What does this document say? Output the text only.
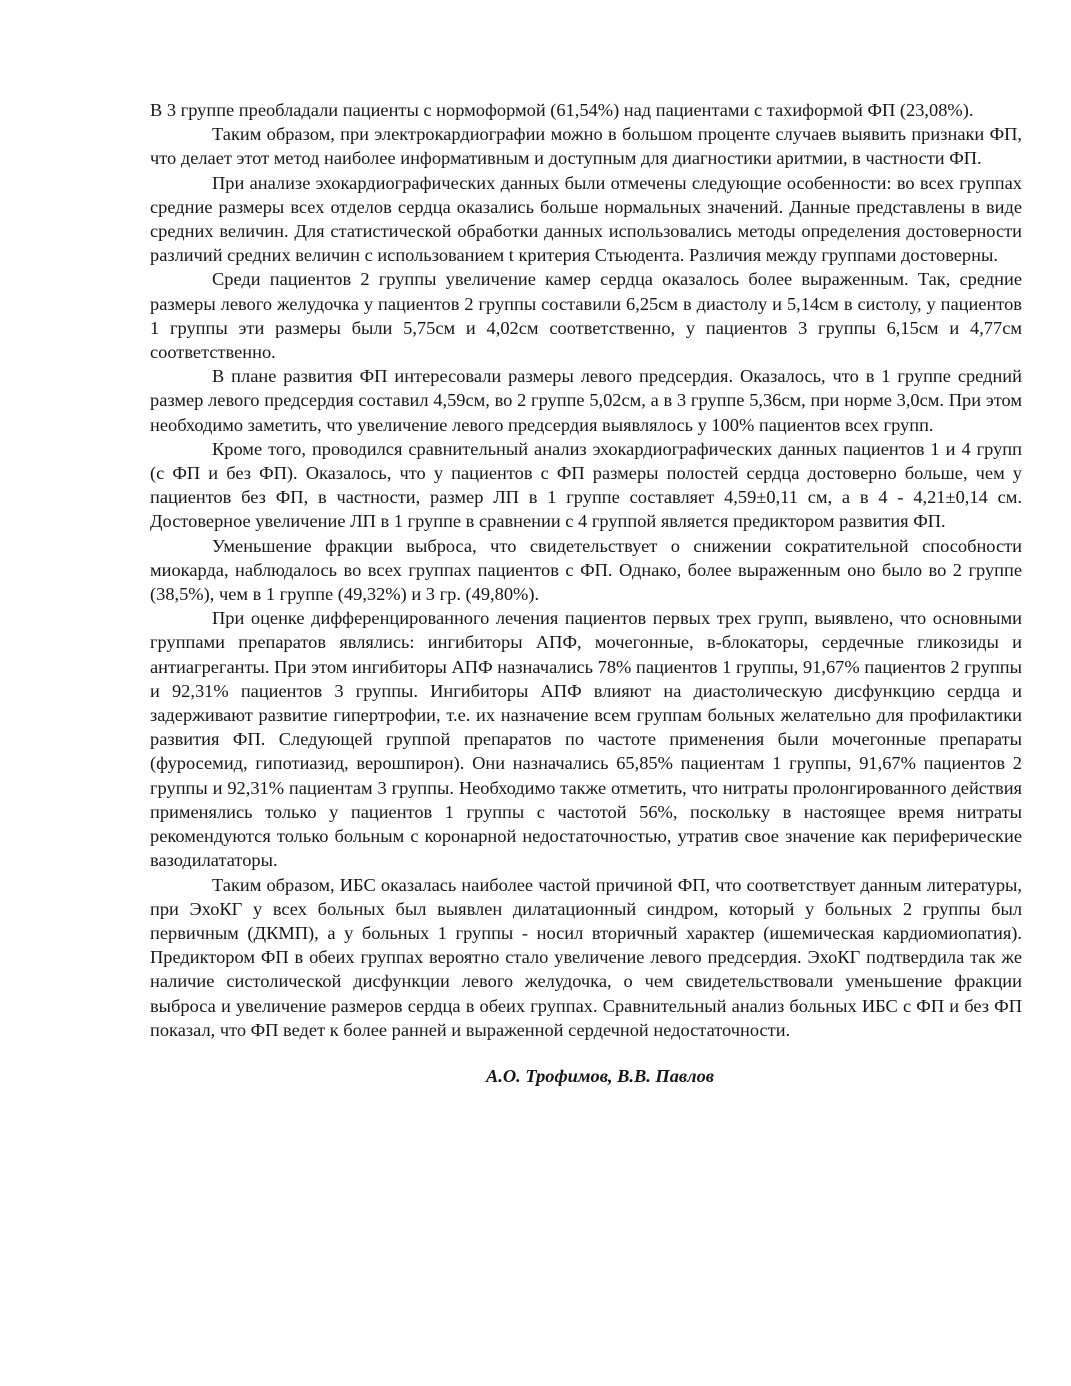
В 3 группе преобладали пациенты с нормоформой (61,54%) над пациентами с тахиформой ФП (23,08%).

Таким образом, при электрокардиографии можно в большом проценте случаев выявить признаки ФП, что делает этот метод наиболее информативным и доступным для диагностики аритмии, в частности ФП.

При анализе эхокардиографических данных были отмечены следующие особенности: во всех группах средние размеры всех отделов сердца оказались больше нормальных значений. Данные представлены в виде средних величин. Для статистической обработки данных использовались методы определения достоверности различий средних величин с использованием t критерия Стьюдента. Различия между группами достоверны.

Среди пациентов 2 группы увеличение камер сердца оказалось более выраженным. Так, средние размеры левого желудочка у пациентов 2 группы составили 6,25см в диастолу и 5,14см в систолу, у пациентов 1 группы эти размеры были 5,75см и 4,02см соответственно, у пациентов 3 группы 6,15см и 4,77см соответственно.

В плане развития ФП интересовали размеры левого предсердия. Оказалось, что в 1 группе средний размер левого предсердия составил 4,59см, во 2 группе 5,02см, а в 3 группе 5,36см, при норме 3,0см. При этом необходимо заметить, что увеличение левого предсердия выявлялось у 100% пациентов всех групп.

Кроме того, проводился сравнительный анализ эхокардиографических данных пациентов 1 и 4 групп (с ФП и без ФП). Оказалось, что у пациентов с ФП размеры полостей сердца достоверно больше, чем у пациентов без ФП, в частности, размер ЛП в 1 группе составляет 4,59±0,11 см, а в 4 - 4,21±0,14 см. Достоверное увеличение ЛП в 1 группе в сравнении с 4 группой является предиктором развития ФП.

Уменьшение фракции выброса, что свидетельствует о снижении сократительной способности миокарда, наблюдалось во всех группах пациентов с ФП. Однако, более выраженным оно было во 2 группе (38,5%), чем в 1 группе (49,32%) и 3 гр. (49,80%).

При оценке дифференцированного лечения пациентов первых трех групп, выявлено, что основными группами препаратов являлись: ингибиторы АПФ, мочегонные, в-блокаторы, сердечные гликозиды и антиагреганты. При этом ингибиторы АПФ назначались 78% пациентов 1 группы, 91,67% пациентов 2 группы и 92,31% пациентов 3 группы. Ингибиторы АПФ влияют на диастолическую дисфункцию сердца и задерживают развитие гипертрофии, т.е. их назначение всем группам больных желательно для профилактики развития ФП. Следующей группой препаратов по частоте применения были мочегонные препараты (фуросемид, гипотиазид, верошпирон). Они назначались 65,85% пациентам 1 группы, 91,67% пациентов 2 группы и 92,31% пациентам 3 группы. Необходимо также отметить, что нитраты пролонгированного действия применялись только у пациентов 1 группы с частотой 56%, поскольку в настоящее время нитраты рекомендуются только больным с коронарной недостаточностью, утратив свое значение как периферические вазодилататоры.

Таким образом, ИБС оказалась наиболее частой причиной ФП, что соответствует данным литературы, при ЭхоКГ у всех больных был выявлен дилатационный синдром, который у больных 2 группы был первичным (ДКМП), а у больных 1 группы - носил вторичный характер (ишемическая кардиомиопатия). Предиктором ФП в обеих группах вероятно стало увеличение левого предсердия. ЭхоКГ подтвердила так же наличие систолической дисфункции левого желудочка, о чем свидетельствовали уменьшение фракции выброса и увеличение размеров сердца в обеих группах. Сравнительный анализ больных ИБС с ФП и без ФП показал, что ФП ведет к более ранней и выраженной сердечной недостаточности.

А.О. Трофимов, В.В. Павлов
